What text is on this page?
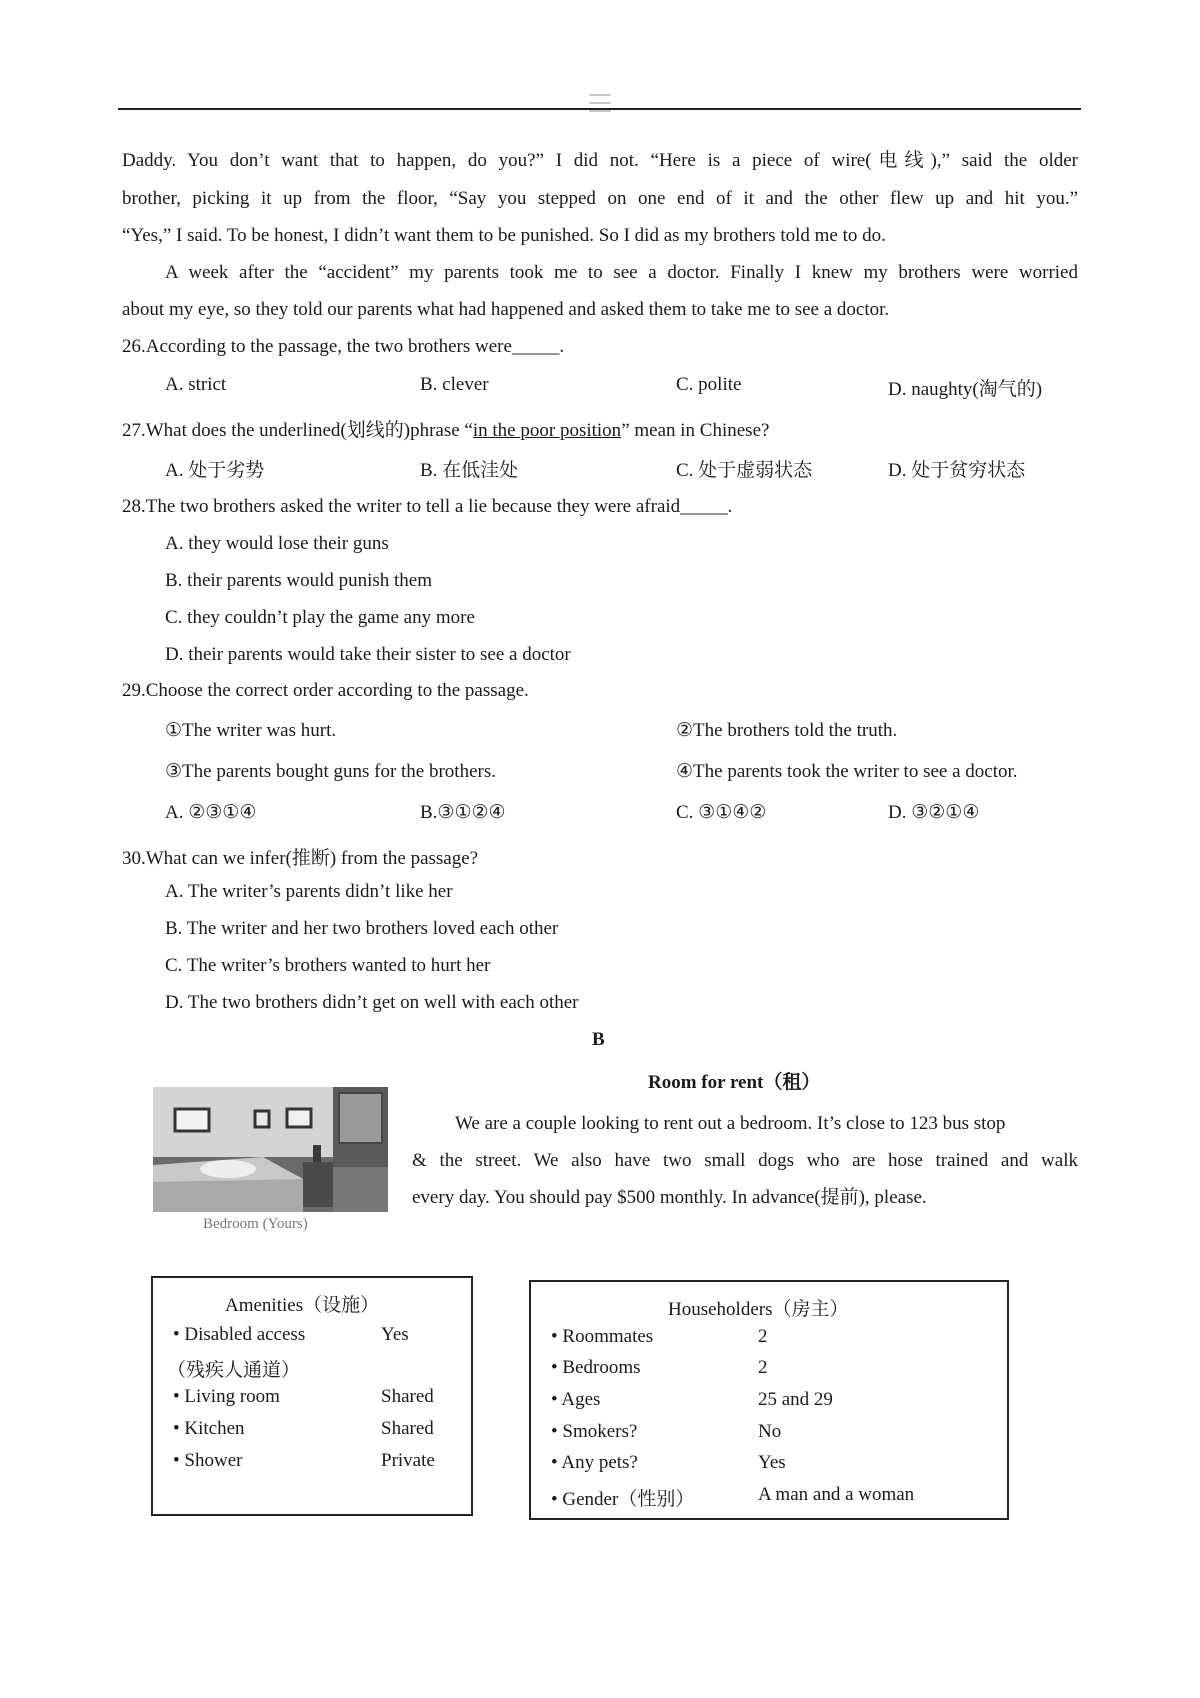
Daddy. You don’t want that to happen, do you?” I did not. “Here is a piece of wire(电线),” said the older
brother, picking it up from the floor, “Say you stepped on one end of it and the other flew up and hit you.”
“Yes,” I said. To be honest, I didn’t want them to be punished. So I did as my brothers told me to do.
A week after the “accident” my parents took me to see a doctor. Finally I knew my brothers were worried
about my eye, so they told our parents what had happened and asked them to take me to see a doctor.
26.According to the passage, the two brothers were_____.
A. strict	B. clever	C. polite	D. naughty(淘气的)
27.What does the underlined(划线的)phrase “in the poor position” mean in Chinese?
A. 处于劣势	B. 在低洼处	C. 处于虚弱状态	D. 处于贫穷状态
28.The two brothers asked the writer to tell a lie because they were afraid_____.
A. they would lose their guns
B. their parents would punish them
C. they couldn’t play the game any more
D. their parents would take their sister to see a doctor
29.Choose the correct order according to the passage.
①The writer was hurt.	②The brothers told the truth.
③The parents bought guns for the brothers.	④The parents took the writer to see a doctor.
A. ②③①④	B.③①②④	C. ③①④②	D. ③②①④
30.What can we infer(推断) from the passage?
A. The writer’s parents didn’t like her
B. The writer and her two brothers loved each other
C. The writer’s brothers wanted to hurt her
D. The two brothers didn’t get on well with each other
B
Room for rent（租）
Bedroom (Yours)
We are a couple looking to rent out a bedroom. It’s close to 123 bus stop
& the street. We also have two small dogs who are hose trained and walk
every day. You should pay $500 monthly. In advance(提前), please.
Amenities（设施）
• Disabled access	Yes
（残疾人通道）
• Living room	Shared
• Kitchen	Shared
• Shower	Private
Householders（房主）
• Roommates	2
• Bedrooms	2
• Ages	25 and 29
• Smokers?	No
• Any pets?	Yes
• Gender（性别）	A man and a woman
